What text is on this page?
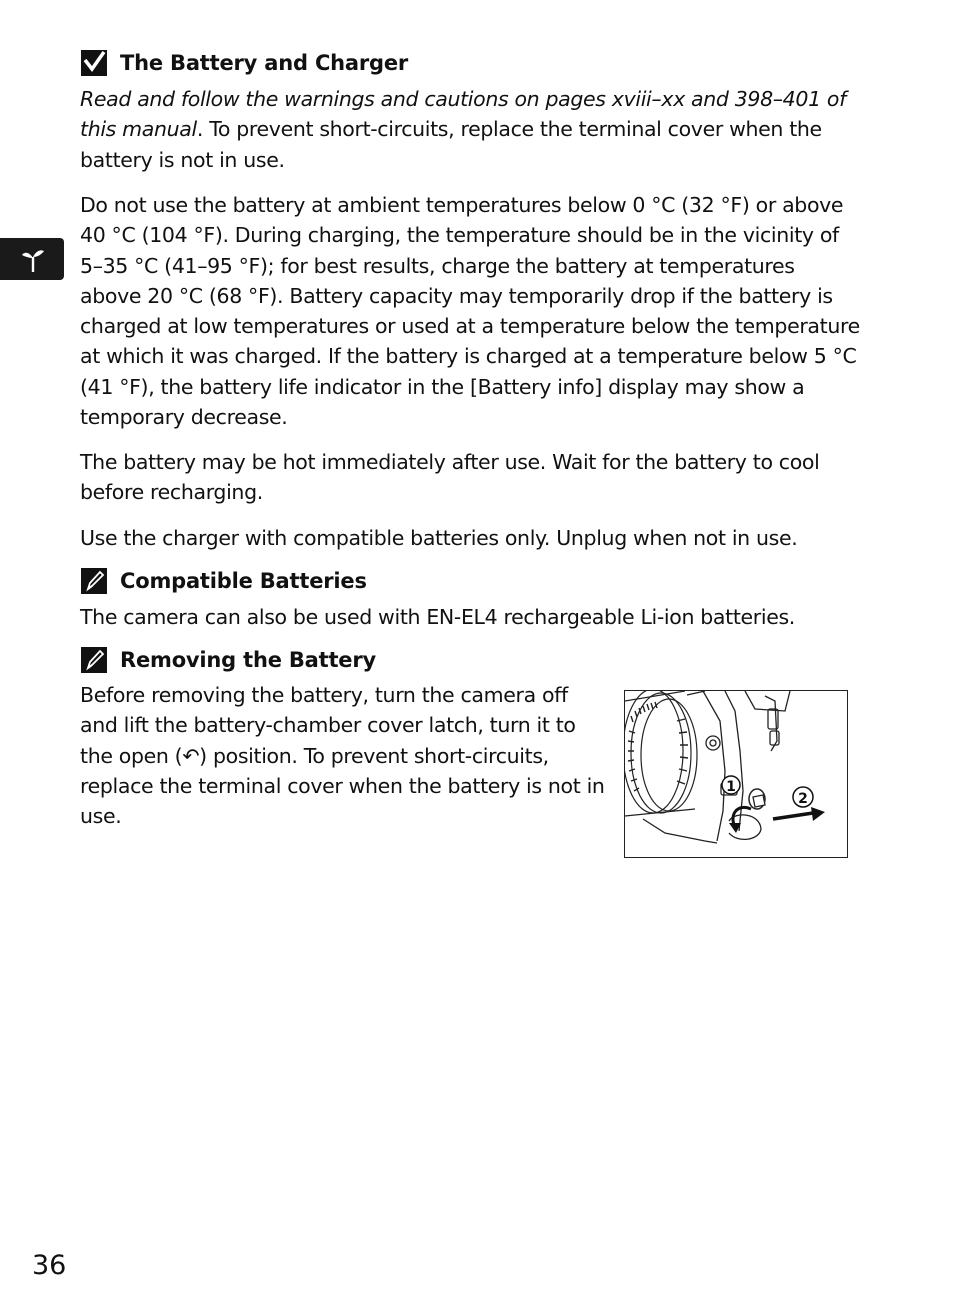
The Battery and Charger

Read and follow the warnings and cautions on pages xviii–xx and 398–401 of this manual. To prevent short-circuits, replace the terminal cover when the battery is not in use.

Do not use the battery at ambient temperatures below 0 °C (32 °F) or above 40 °C (104 °F). During charging, the temperature should be in the vicinity of 5–35 °C (41–95 °F); for best results, charge the battery at temperatures above 20 °C (68 °F). Battery capacity may temporarily drop if the battery is charged at low temperatures or used at a temperature below the temperature at which it was charged. If the battery is charged at a temperature below 5 °C (41 °F), the battery life indicator in the [Battery info] display may show a temporary decrease.

The battery may be hot immediately after use. Wait for the battery to cool before recharging.

Use the charger with compatible batteries only. Unplug when not in use.

Compatible Batteries

The camera can also be used with EN-EL4 rechargeable Li-ion batteries.

Removing the Battery

Before removing the battery, turn the camera off and lift the battery-chamber cover latch, turn it to the open (↶) position. To prevent short-circuits, replace the terminal cover when the battery is not in use.

1
2
36
